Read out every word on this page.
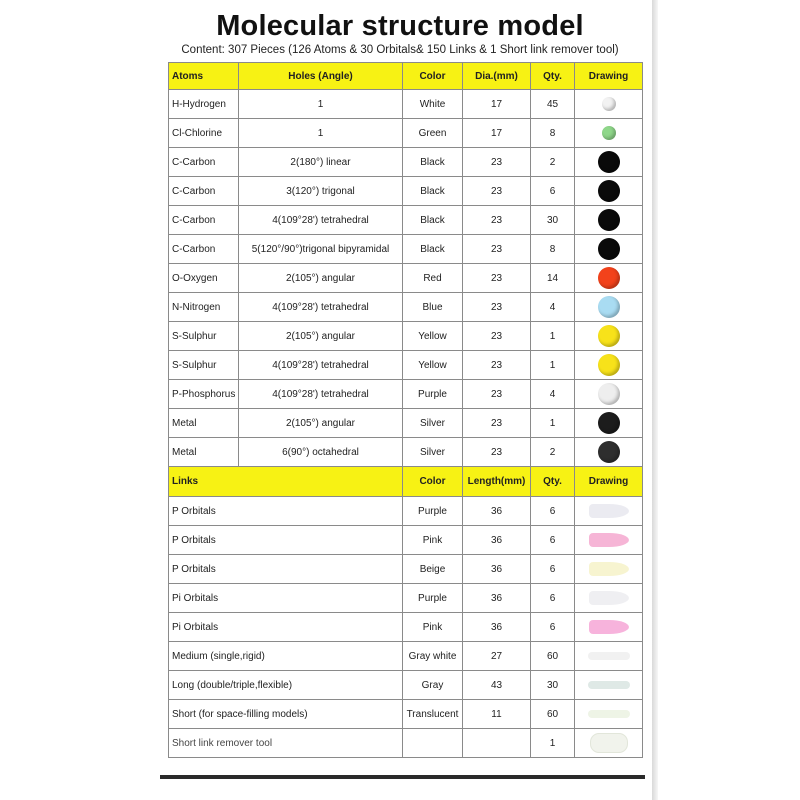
Molecular structure model
Content: 307 Pieces (126 Atoms & 30 Orbitals& 150 Links & 1 Short link remover tool)
Atoms	Holes (Angle)	Color	Dia.(mm)	Qty.	Drawing
H-Hydrogen	1	White	17	45	
Cl-Chlorine	1	Green	17	8	
C-Carbon	2(180°) linear	Black	23	2	
C-Carbon	3(120°) trigonal	Black	23	6	
C-Carbon	4(109°28') tetrahedral	Black	23	30	
C-Carbon	5(120°/90°)trigonal bipyramidal	Black	23	8	
O-Oxygen	2(105°) angular	Red	23	14	
N-Nitrogen	4(109°28') tetrahedral	Blue	23	4	
S-Sulphur	2(105°) angular	Yellow	23	1	
S-Sulphur	4(109°28') tetrahedral	Yellow	23	1	
P-Phosphorus	4(109°28') tetrahedral	Purple	23	4	
Metal	2(105°) angular	Silver	23	1	
Metal	6(90°) octahedral	Silver	23	2	
Links		Color	Length(mm)	Qty.	Drawing
P Orbitals		Purple	36	6	
P Orbitals		Pink	36	6	
P Orbitals		Beige	36	6	
Pi Orbitals		Purple	36	6	
Pi Orbitals		Pink	36	6	
Medium (single,rigid)		Gray white	27	60	
Long (double/triple,flexible)		Gray	43	30	
Short (for space-filling models)		Translucent	11	60	
Short link remover tool				1	
